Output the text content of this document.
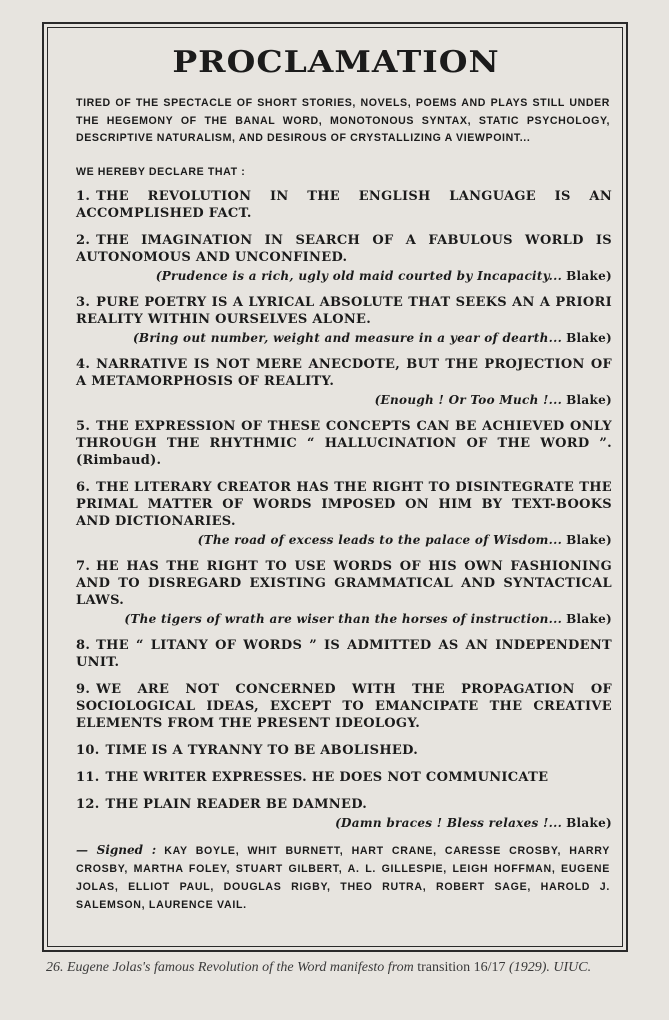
PROCLAMATION
TIRED OF THE SPECTACLE OF SHORT STORIES, NOVELS, POEMS AND PLAYS STILL UNDER THE HEGEMONY OF THE BANAL WORD, MONOTONOUS SYNTAX, STATIC PSYCHOLOGY, DESCRIPTIVE NATURALISM, AND DESIROUS OF CRYSTALLIZING A VIEWPOINT...
WE HEREBY DECLARE THAT :
1. THE REVOLUTION IN THE ENGLISH LANGUAGE IS AN ACCOMPLISHED FACT.
2. THE IMAGINATION IN SEARCH OF A FABULOUS WORLD IS AUTONOMOUS AND UNCONFINED.
(Prudence is a rich, ugly old maid courted by Incapacity... Blake)
3. PURE POETRY IS A LYRICAL ABSOLUTE THAT SEEKS AN A PRIORI REALITY WITHIN OURSELVES ALONE.
(Bring out number, weight and measure in a year of dearth... Blake)
4. NARRATIVE IS NOT MERE ANECDOTE, BUT THE PROJECTION OF A METAMORPHOSIS OF REALITY.
(Enough ! Or Too Much !... Blake)
5. THE EXPRESSION OF THESE CONCEPTS CAN BE ACHIEVED ONLY THROUGH THE RHYTHMIC “ HALLUCINATION OF THE WORD ”. (Rimbaud).
6. THE LITERARY CREATOR HAS THE RIGHT TO DISINTEGRATE THE PRIMAL MATTER OF WORDS IMPOSED ON HIM BY TEXT-BOOKS AND DICTIONARIES.
(The road of excess leads to the palace of Wisdom... Blake)
7. HE HAS THE RIGHT TO USE WORDS OF HIS OWN FASHIONING AND TO DISREGARD EXISTING GRAMMATICAL AND SYNTACTICAL LAWS.
(The tigers of wrath are wiser than the horses of instruction... Blake)
8. THE “ LITANY OF WORDS ” IS ADMITTED AS AN INDEPENDENT UNIT.
9. WE ARE NOT CONCERNED WITH THE PROPAGATION OF SOCIOLOGICAL IDEAS, EXCEPT TO EMANCIPATE THE CREATIVE ELEMENTS FROM THE PRESENT IDEOLOGY.
10. TIME IS A TYRANNY TO BE ABOLISHED.
11. THE WRITER EXPRESSES. HE DOES NOT COMMUNICATE
12. THE PLAIN READER BE DAMNED.
(Damn braces ! Bless relaxes !... Blake)
— Signed : KAY BOYLE, WHIT BURNETT, HART CRANE, CARESSE CROSBY, HARRY CROSBY, MARTHA FOLEY, STUART GILBERT, A. L. GILLESPIE, LEIGH HOFFMAN, EUGENE JOLAS, ELLIOT PAUL, DOUGLAS RIGBY, THEO RUTRA, ROBERT SAGE, HAROLD J. SALEMSON, LAURENCE VAIL.
26. Eugene Jolas's famous Revolution of the Word manifesto from transition 16/17 (1929). UIUC.
